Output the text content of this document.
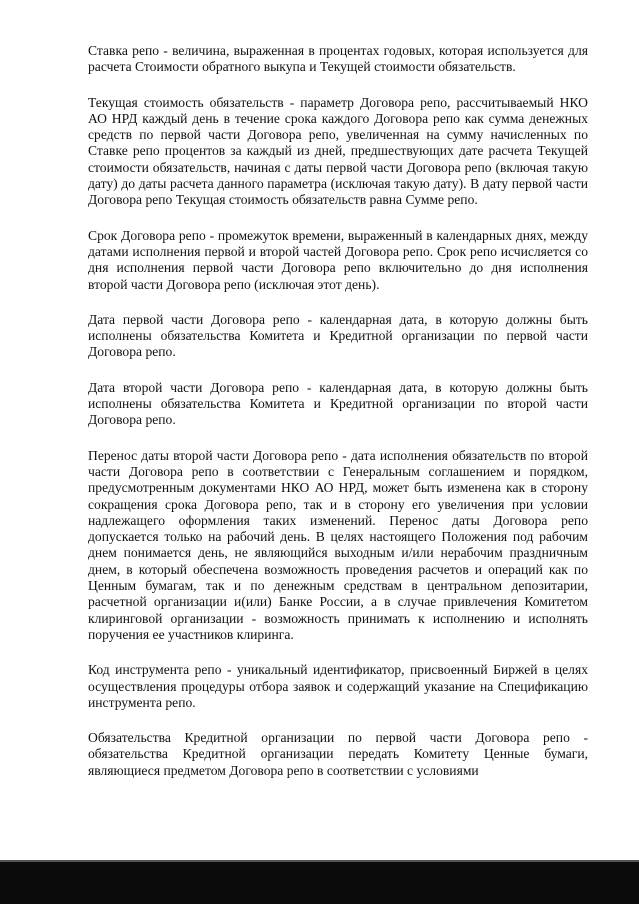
Ставка репо - величина, выраженная в процентах годовых, которая используется для расчета Стоимости обратного выкупа и Текущей стоимости обязательств.

Текущая стоимость обязательств - параметр Договора репо, рассчитываемый НКО АО НРД каждый день в течение срока каждого Договора репо как сумма денежных средств по первой части Договора репо, увеличенная на сумму начисленных по Ставке репо процентов за каждый из дней, предшествующих дате расчета Текущей стоимости обязательств, начиная с даты первой части Договора репо (включая такую дату) до даты расчета данного параметра (исключая такую дату). В дату первой части Договора репо Текущая стоимость обязательств равна Сумме репо.

Срок Договора репо - промежуток времени, выраженный в календарных днях, между датами исполнения первой и второй частей Договора репо. Срок репо исчисляется со дня исполнения первой части Договора репо включительно до дня исполнения второй части Договора репо (исключая этот день).

Дата первой части Договора репо - календарная дата, в которую должны быть исполнены обязательства Комитета и Кредитной организации по первой части Договора репо.

Дата второй части Договора репо - календарная дата, в которую должны быть исполнены обязательства Комитета и Кредитной организации по второй части Договора репо.

Перенос даты второй части Договора репо - дата исполнения обязательств по второй части Договора репо в соответствии с Генеральным соглашением и порядком, предусмотренным документами НКО АО НРД, может быть изменена как в сторону сокращения срока Договора репо, так и в сторону его увеличения при условии надлежащего оформления таких изменений. Перенос даты Договора репо допускается только на рабочий день. В целях настоящего Положения под рабочим днем понимается день, не являющийся выходным и/или нерабочим праздничным днем, в который обеспечена возможность проведения расчетов и операций как по Ценным бумагам, так и по денежным средствам в центральном депозитарии, расчетной организации и(или) Банке России, а в случае привлечения Комитетом клиринговой организации - возможность принимать к исполнению и исполнять поручения ее участников клиринга.

Код инструмента репо - уникальный идентификатор, присвоенный Биржей в целях осуществления процедуры отбора заявок и содержащий указание на Спецификацию инструмента репо.

Обязательства Кредитной организации по первой части Договора репо - обязательства Кредитной организации передать Комитету Ценные бумаги, являющиеся предметом Договора репо в соответствии с условиями
